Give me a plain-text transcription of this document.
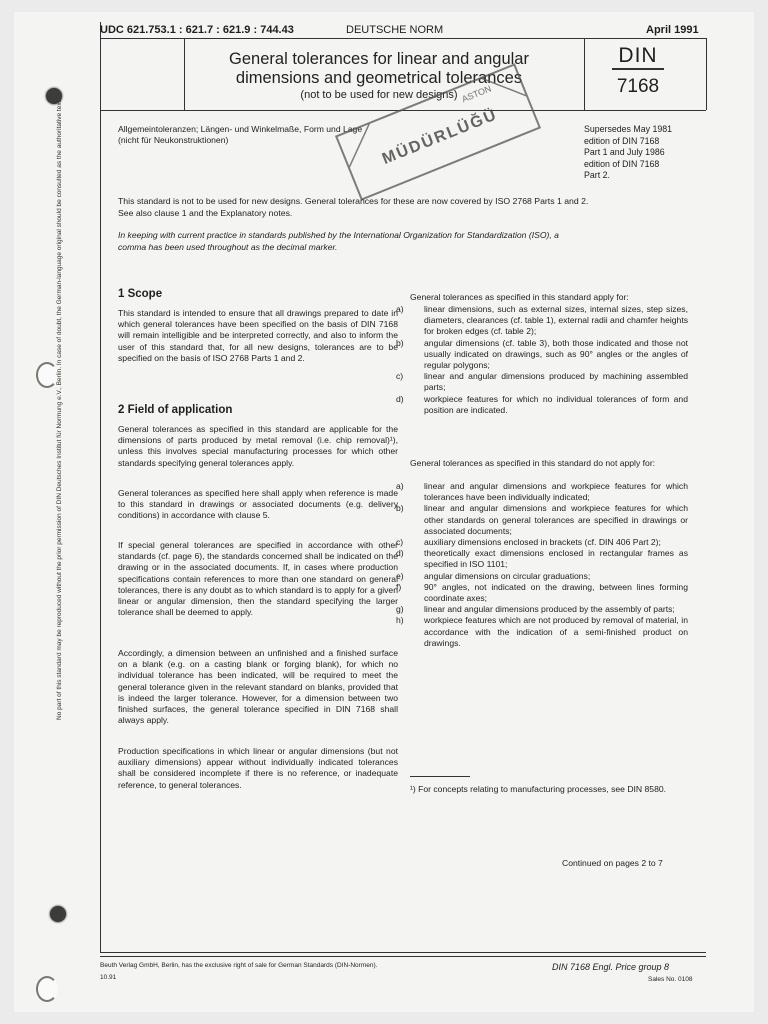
UDC 621.753.1 : 621.7 : 621.9 : 744.43	DEUTSCHE NORM	April 1991
General tolerances for linear and angular
dimensions and geometrical tolerances
(not to be used for new designs)
DIN
7168
Allgemeintoleranzen; Längen- und Winkelmaße, Form und Lage
(nicht für Neukonstruktionen)	MÜDÜRLÜĞÜ
ASTON
Supersedes May 1981
edition of DIN 7168
Part 1 and July 1986
edition of DIN 7168
Part 2.
This standard is not to be used for new designs. General tolerances for these are now covered by ISO 2768 Parts 1 and 2.
See also clause 1 and the Explanatory notes.
In keeping with current practice in standards published by the International Organization for Standardization (ISO), a
comma has been used throughout as the decimal marker.
No part of this standard may be reproduced without the prior permission of DIN Deutsches Institut für Normung e.V., Berlin. In case of doubt, the German-language original should be consulted as the authoritative text.	1 Scope
This standard is intended to ensure that all drawings prepared to date in which general tolerances have been specified on the basis of DIN 7168 will remain intelligible and be interpreted correctly, and also to inform the user of this standard that, for all new designs, tolerances are to be specified on the basis of ISO 2768 Parts 1 and 2.
2 Field of application
General tolerances as specified in this standard are applicable for the dimensions of parts produced by metal removal (i.e. chip removal)¹), unless this involves special manufacturing processes for which other standards specifying general tolerances apply.
General tolerances as specified here shall apply when reference is made to this standard in drawings or associated documents (e.g. delivery conditions) in accordance with clause 5.
If special general tolerances are specified in accordance with other standards (cf. page 6), the standards concerned shall be indicated on the drawing or in the associated documents. If, in cases where production specifications contain references to more than one standard on general tolerances, there is any doubt as to which standard is to apply for a given linear or angular dimension, then the standard specifying the larger tolerance shall be deemed to apply.
Accordingly, a dimension between an unfinished and a finished surface on a blank (e.g. on a casting blank or forging blank), for which no individual tolerance has been indicated, will be required to meet the general tolerance given in the relevant standard on blanks, provided that is indeed the larger tolerance. However, for a dimension between two finished surfaces, the general tolerance specified in DIN 7168 shall always apply.
Production specifications in which linear or angular dimensions (but not auxiliary dimensions) appear without individually indicated tolerances shall be considered incomplete if there is no reference, or inadequate reference, to general tolerances.
General tolerances as specified in this standard apply for:

a) linear dimensions, such as external sizes, internal sizes, step sizes, diameters, clearances (cf. table 1), external radii and chamfer heights for broken edges (cf. table 2);

b) angular dimensions (cf. table 3), both those indicated and those not usually indicated on drawings, such as 90° angles or the angles of regular polygons;

c) linear and angular dimensions produced by machining assembled parts;

d) workpiece features for which no individual tolerances of form and position are indicated.

General tolerances as specified in this standard do not apply for:

a) linear and angular dimensions and workpiece features for which tolerances have been individually indicated;

b) linear and angular dimensions and workpiece features for which other standards on general tolerances are specified in drawings or associated documents;

c) auxiliary dimensions enclosed in brackets (cf. DIN 406 Part 2);

d) theoretically exact dimensions enclosed in rectangular frames as specified in ISO 1101;

e) angular dimensions on circular graduations;

f)	90° angles, not indicated on the drawing, between lines forming coordinate axes;

g) linear and angular dimensions produced by the assembly of parts;

h) workpiece features which are not produced by removal of material, in accordance with the indication of a semi-finished product on drawings.

¹) For concepts relating to manufacturing processes, see DIN 8580.
Continued on pages 2 to 7
Beuth Verlag GmbH, Berlin, has the exclusive right of sale for German Standards (DIN-Normen).
10.91
DIN 7168 Engl. Price group 8
Sales No. 0108
